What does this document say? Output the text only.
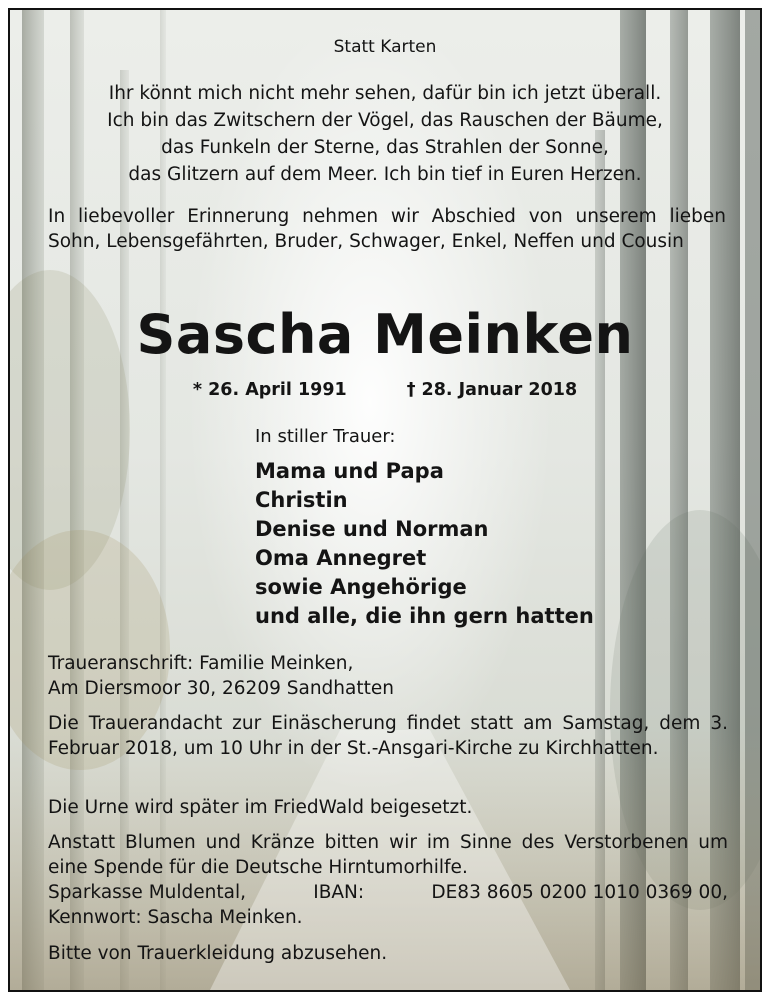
Statt Karten
Ihr könnt mich nicht mehr sehen, dafür bin ich jetzt überall.
Ich bin das Zwitschern der Vögel, das Rauschen der Bäume,
das Funkeln der Sterne, das Strahlen der Sonne,
das Glitzern auf dem Meer. Ich bin tief in Euren Herzen.
In liebevoller Erinnerung nehmen wir Abschied von unserem lieben Sohn, Lebensgefährten, Bruder, Schwager, Enkel, Neffen und Cousin
Sascha Meinken
* 26. April 1991	† 28. Januar 2018
In stiller Trauer:
Mama und Papa
Christin
Denise und Norman
Oma Annegret
sowie Angehörige
und alle, die ihn gern hatten
Traueranschrift: Familie Meinken,
Am Diersmoor 30, 26209 Sandhatten
Die Trauerandacht zur Einäscherung findet statt am Samstag, dem 3. Februar 2018, um 10 Uhr in der St.-Ansgari-Kirche zu Kirchhatten.
Die Urne wird später im FriedWald beigesetzt.
Anstatt Blumen und Kränze bitten wir im Sinne des Verstorbenen um eine Spende für die Deutsche Hirntumorhilfe.
Sparkasse Muldental,	IBAN:	DE83 8605 0200 1010 0369 00,
Kennwort: Sascha Meinken.
Bitte von Trauerkleidung abzusehen.
